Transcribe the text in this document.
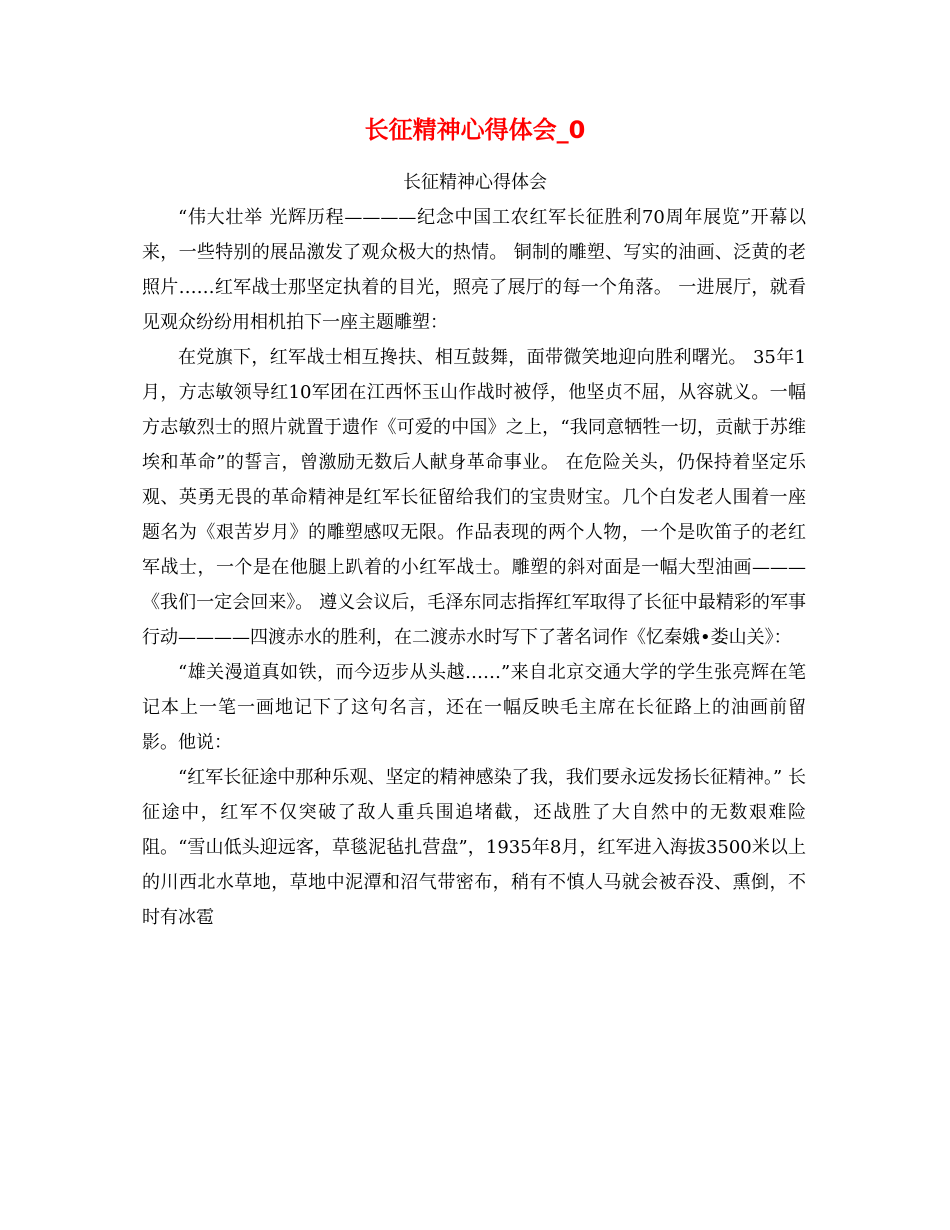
长征精神心得体会_0
长征精神心得体会

“伟大壮举 光辉历程————纪念中国工农红军长征胜利70周年展览”开幕以来，一些特别的展品激发了观众极大的热情。 铜制的雕塑、写实的油画、泛黄的老照片……红军战士那坚定执着的目光，照亮了展厅的每一个角落。 一进展厅，就看见观众纷纷用相机拍下一座主题雕塑：

在党旗下，红军战士相互搀扶、相互鼓舞，面带微笑地迎向胜利曙光。 35年1月，方志敏领导红10军团在江西怀玉山作战时被俘，他坚贞不屈，从容就义。一幅方志敏烈士的照片就置于遗作《可爱的中国》之上，“我同意牺牲一切，贡献于苏维埃和革命”的誓言，曾激励无数后人献身革命事业。 在危险关头，仍保持着坚定乐观、英勇无畏的革命精神是红军长征留给我们的宝贵财宝。几个白发老人围着一座题名为《艰苦岁月》的雕塑感叹无限。作品表现的两个人物，一个是吹笛子的老红军战士，一个是在他腿上趴着的小红军战士。雕塑的斜对面是一幅大型油画———《我们一定会回来》。 遵义会议后，毛泽东同志指挥红军取得了长征中最精彩的军事行动————四渡赤水的胜利，在二渡赤水时写下了著名词作《忆秦娥•娄山关》：

“雄关漫道真如铁，而今迈步从头越……”来自北京交通大学的学生张亮辉在笔记本上一笔一画地记下了这句名言，还在一幅反映毛主席在长征路上的油画前留影。他说：

“红军长征途中那种乐观、坚定的精神感染了我，我们要永远发扬长征精神。” 长征途中，红军不仅突破了敌人重兵围追堵截，还战胜了大自然中的无数艰难险阻。“雪山低头迎远客，草毯泥毡扎营盘”，1935年8月，红军进入海拔3500米以上的川西北水草地，草地中泥潭和沼气带密布，稍有不慎人马就会被吞没、熏倒，不时有冰雹
